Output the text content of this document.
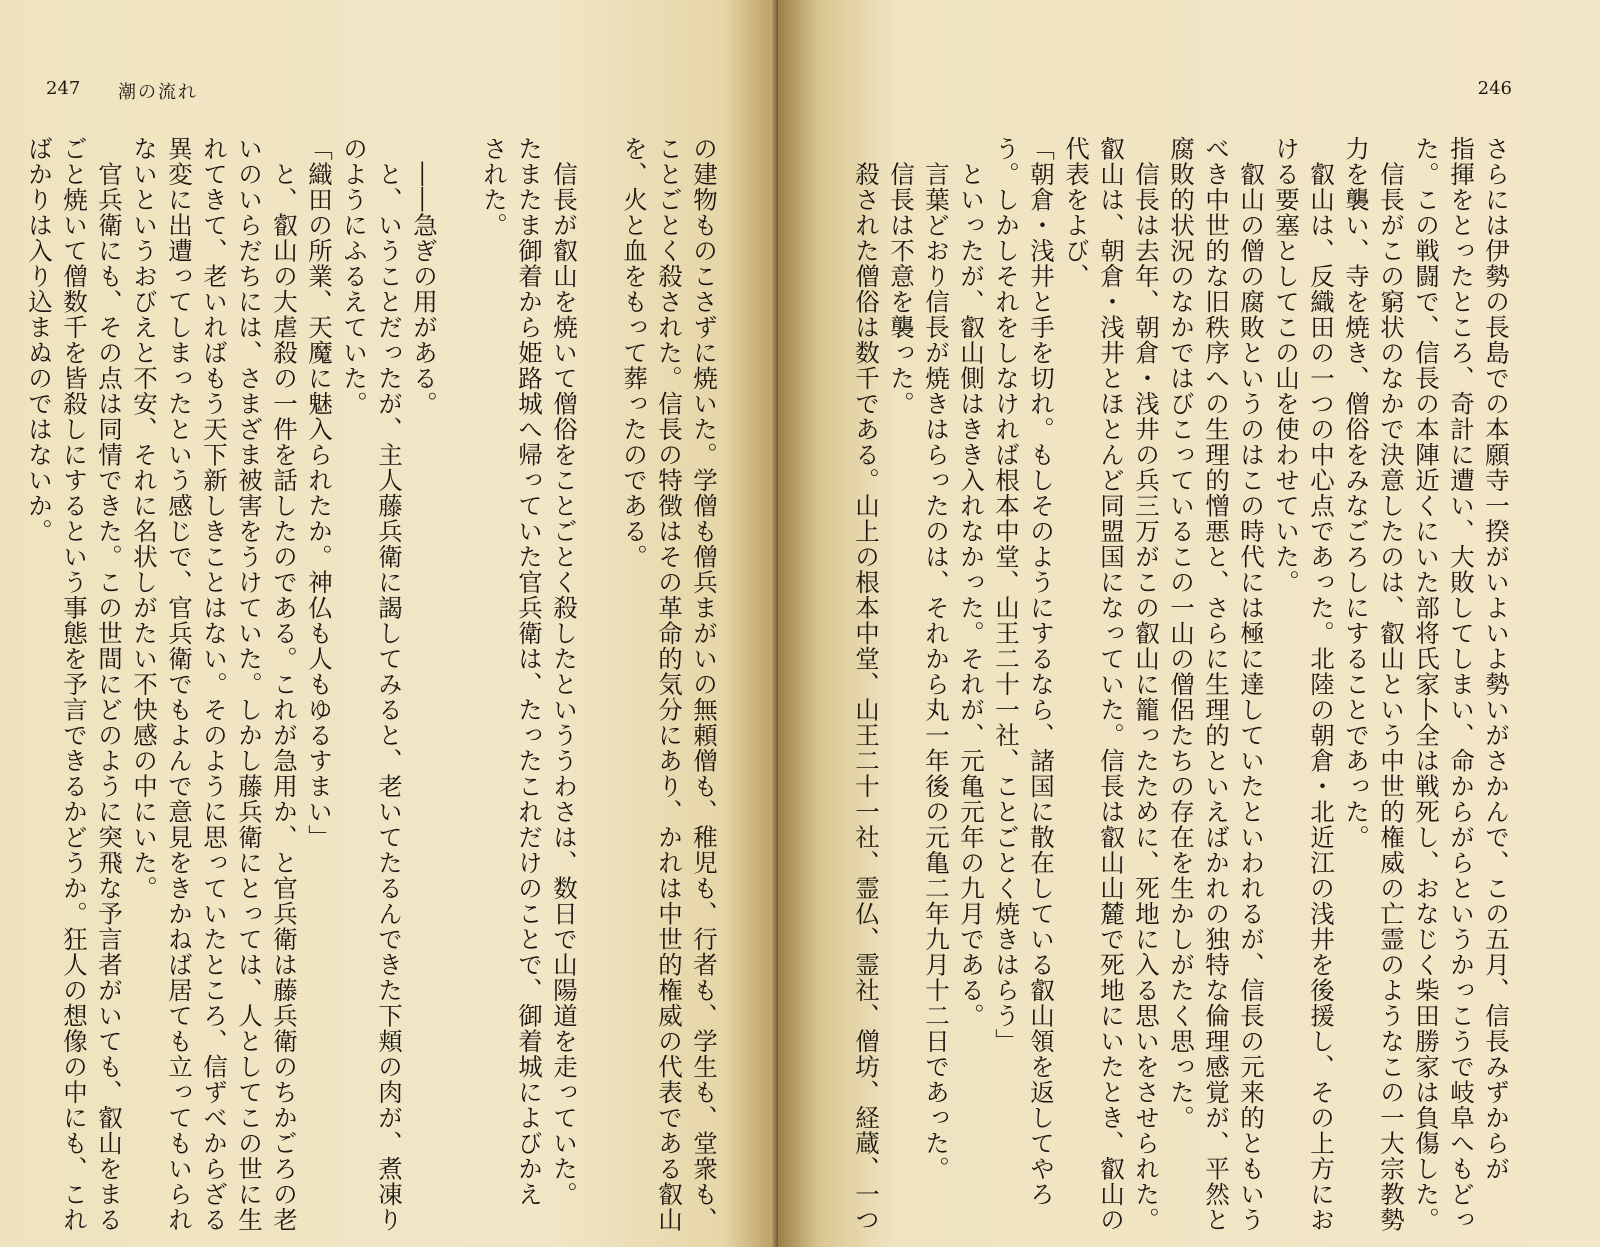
247 潮の流れ
の建物ものこさずに焼いた。学僧も僧兵まがいの無頼僧も、稚児も、行者も、学生も、堂衆も、
ことごとく殺された。信長の特徴はその革命的気分にあり、かれは中世的権威の代表である叡山
を、火と血をもって葬ったのである。

　信長が叡山を焼いて僧俗をことごとく殺したといううわさは、数日で山陽道を走っていた。
たまたま御着から姫路城へ帰っていた官兵衛は、たったこれだけのことで、御着城によびかえ
された。

　――急ぎの用がある。
　と、いうことだったが、主人藤兵衛に謁してみると、老いてたるんできた下頬の肉が、煮凍り
のようにふるえていた。
「織田の所業、天魔に魅入られたか。神仏も人もゆるすまい」
　と、叡山の大虐殺の一件を話したのである。これが急用か、と官兵衛は藤兵衛のちかごろの老
いのいらだちには、さまざま被害をうけていた。しかし藤兵衛にとっては、人としてこの世に生
れてきて、老いればもう天下新しきことはない。そのように思っていたところ、信ずべからざる
異変に出遭ってしまったという感じで、官兵衛でもよんで意見をきかねば居ても立ってもいられ
ないというおびえと不安、それに名状しがたい不快感の中にいた。
　官兵衛にも、その点は同情できた。この世間にどのように突飛な予言者がいても、叡山をまる
ごと焼いて僧数千を皆殺しにするという事態を予言できるかどうか。狂人の想像の中にも、これ
ばかりは入り込まぬのではないか。
246
さらには伊勢の長島での本願寺一揆がいよいよ勢いがさかんで、この五月、信長みずからが
指揮をとったところ、奇計に遭い、大敗してしまい、命からがらというかっこうで岐阜へもどっ
た。この戦闘で、信長の本陣近くにいた部将氏家卜全は戦死し、おなじく柴田勝家は負傷した。
　信長がこの窮状のなかで決意したのは、叡山という中世的権威の亡霊のようなこの一大宗教勢
力を襲い、寺を焼き、僧俗をみなごろしにすることであった。
　叡山は、反織田の一つの中心点であった。北陸の朝倉・北近江の浅井を後援し、その上方にお
ける要塞としてこの山を使わせていた。
　叡山の僧の腐敗というのはこの時代には極に達していたといわれるが、信長の元来的ともいう
べき中世的な旧秩序への生理的憎悪と、さらに生理的といえばかれの独特な倫理感覚が、平然と
腐敗的状況のなかではびこっているこの一山の僧侶たちの存在を生かしがたく思った。
　信長は去年、朝倉・浅井の兵三万がこの叡山に籠ったために、死地に入る思いをさせられた。
叡山は、朝倉・浅井とほとんど同盟国になっていた。信長は叡山山麓で死地にいたとき、叡山の
代表をよび、
「朝倉・浅井と手を切れ。もしそのようにするなら、諸国に散在している叡山領を返してやろ
う。しかしそれをしなければ根本中堂、山王二十一社、ことごとく焼きはらう」
　といったが、叡山側はきき入れなかった。それが、元亀元年の九月である。
　言葉どおり信長が焼きはらったのは、それから丸一年後の元亀二年九月十二日であった。
　信長は不意を襲った。
　殺された僧俗は数千である。山上の根本中堂、山王二十一社、霊仏、霊社、僧坊、経蔵、一つ
